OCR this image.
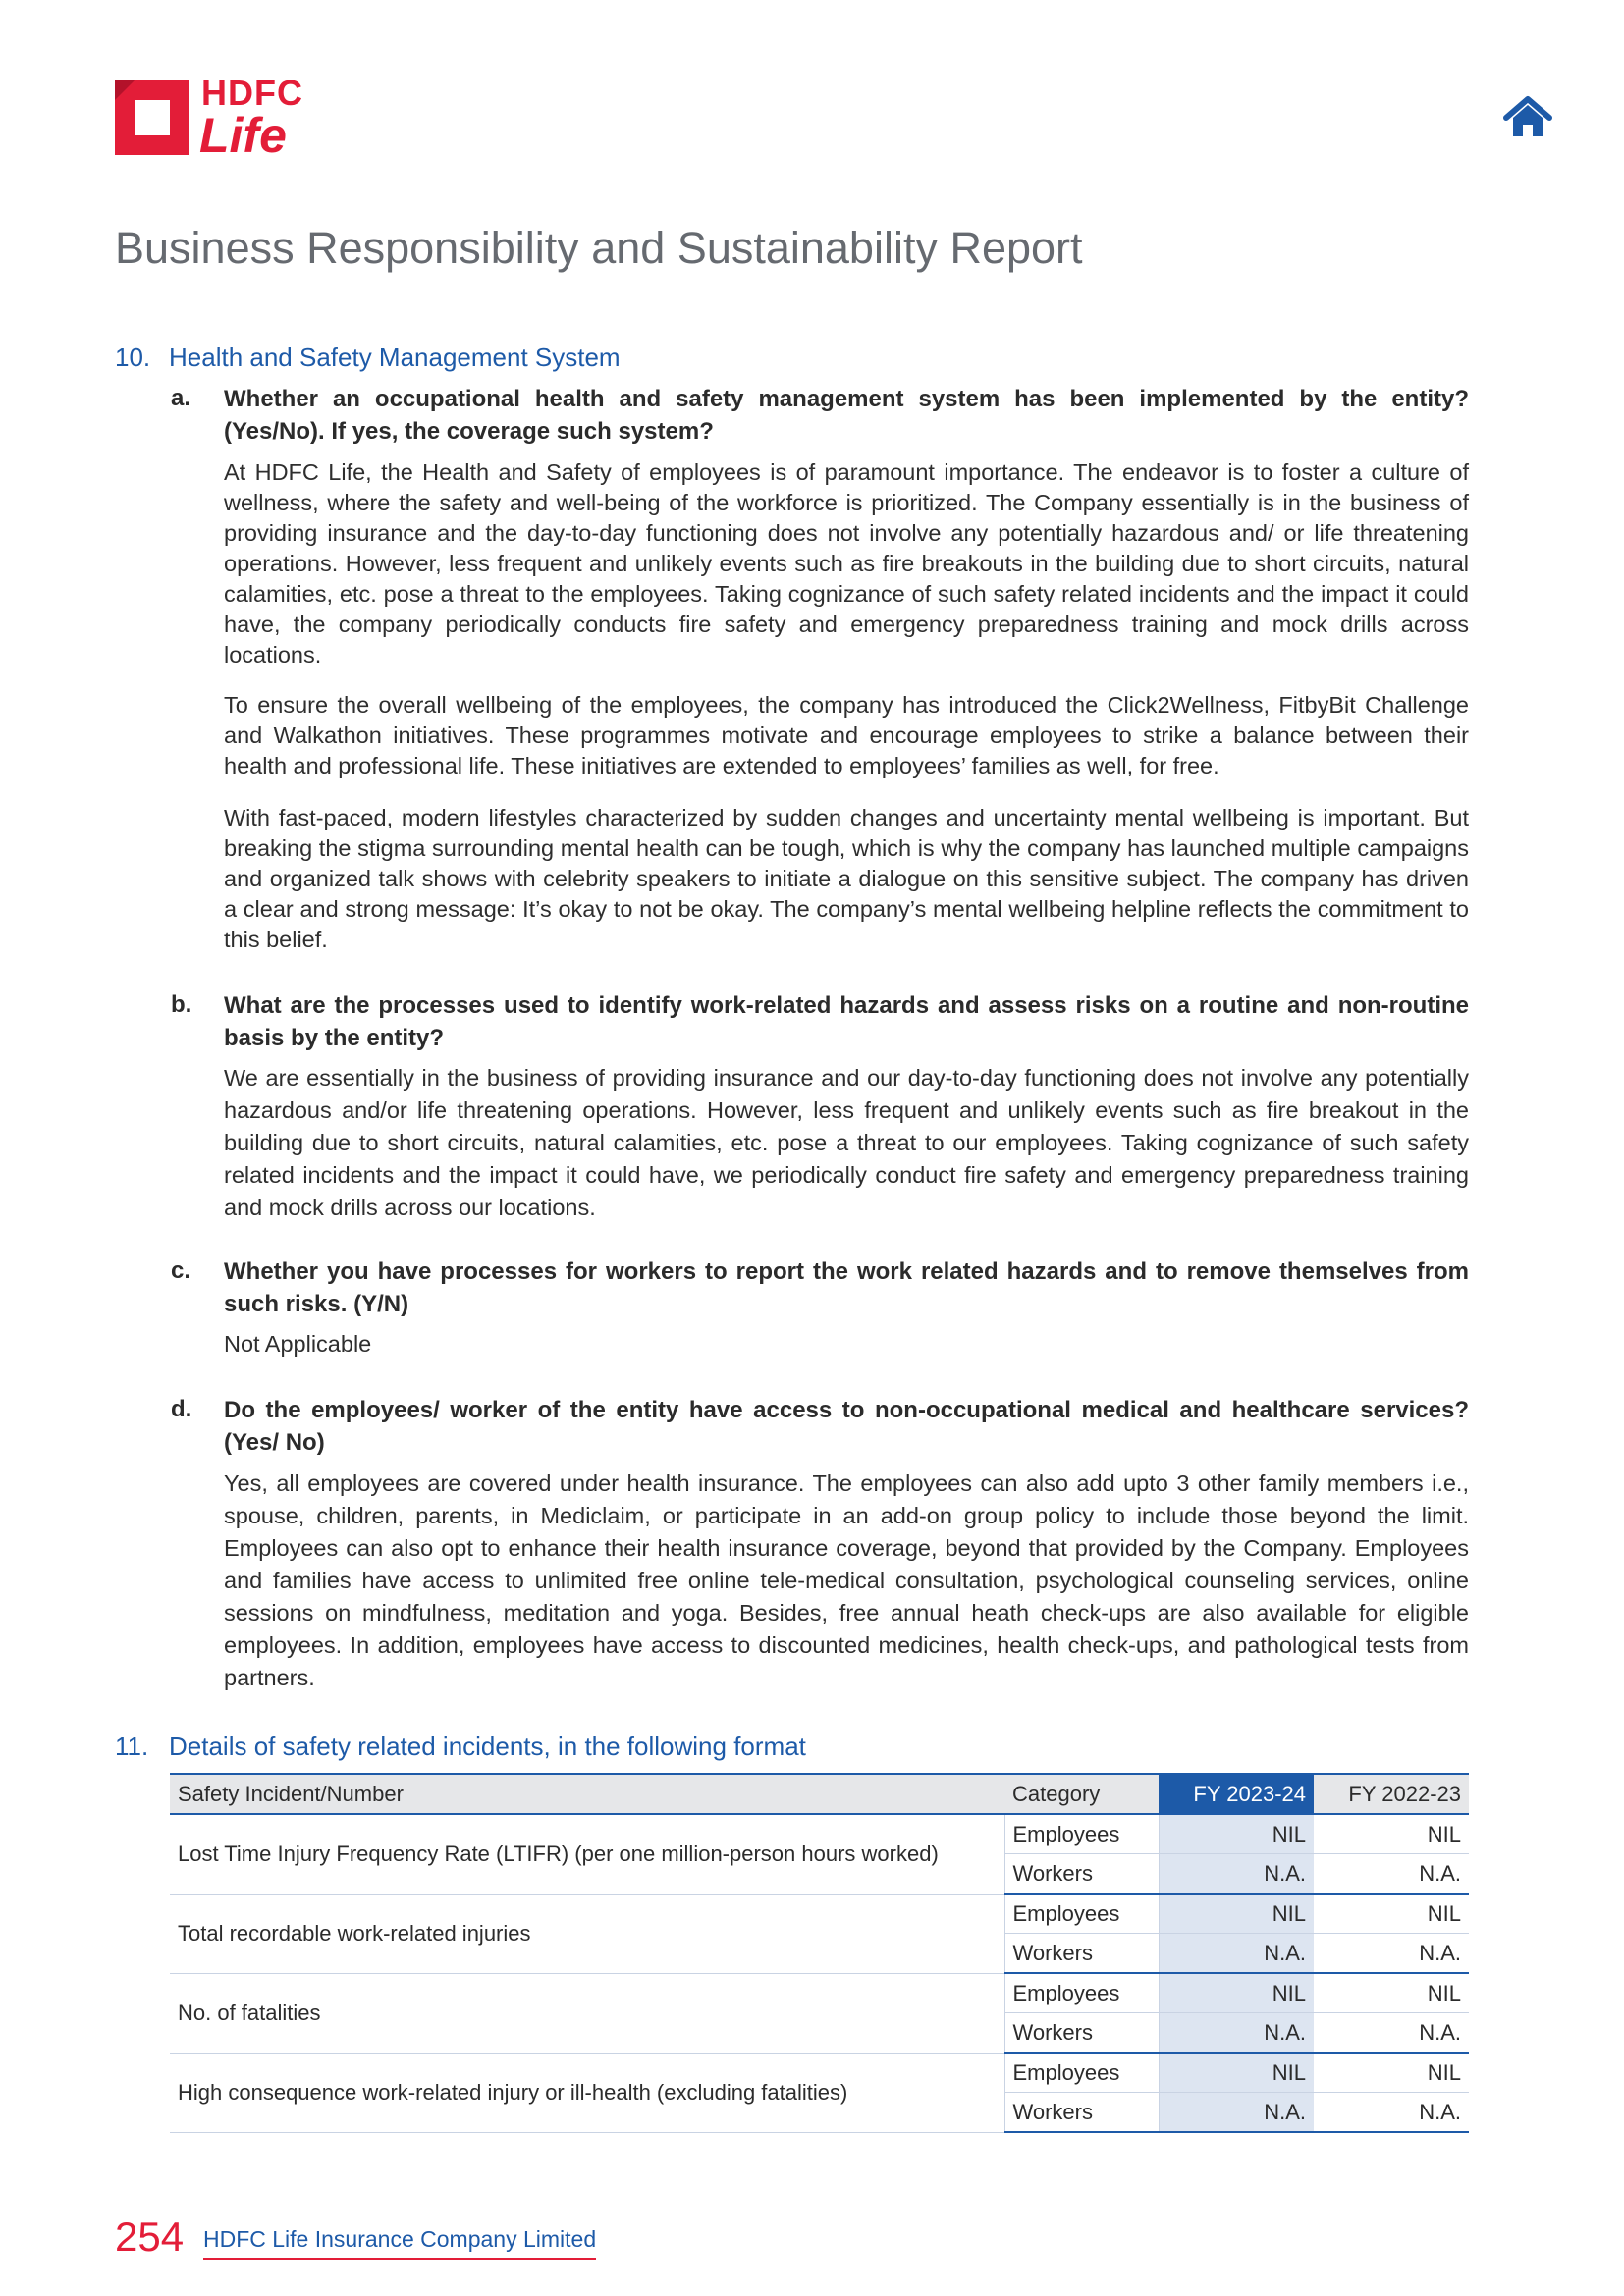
HDFC
Life
Business Responsibility and Sustainability Report
10. Health and Safety Management System
a. Whether an occupational health and safety management system has been implemented by the entity? (Yes/No). If yes, the coverage such system?

At HDFC Life, the Health and Safety of employees is of paramount importance. The endeavor is to foster a culture of wellness, where the safety and well-being of the workforce is prioritized. The Company essentially is in the business of providing insurance and the day-to-day functioning does not involve any potentially hazardous and/ or life threatening operations. However, less frequent and unlikely events such as fire breakouts in the building due to short circuits, natural calamities, etc. pose a threat to the employees. Taking cognizance of such safety related incidents and the impact it could have, the company periodically conducts fire safety and emergency preparedness training and mock drills across locations.

To ensure the overall wellbeing of the employees, the company has introduced the Click2Wellness, FitbyBit Challenge and Walkathon initiatives. These programmes motivate and encourage employees to strike a balance between their health and professional life. These initiatives are extended to employees’ families as well, for free.

With fast-paced, modern lifestyles characterized by sudden changes and uncertainty mental wellbeing is important. But breaking the stigma surrounding mental health can be tough, which is why the company has launched multiple campaigns and organized talk shows with celebrity speakers to initiate a dialogue on this sensitive subject. The company has driven a clear and strong message: It’s okay to not be okay. The company’s mental wellbeing helpline reflects the commitment to this belief.

b. What are the processes used to identify work-related hazards and assess risks on a routine and non-routine basis by the entity?

We are essentially in the business of providing insurance and our day-to-day functioning does not involve any potentially hazardous and/or life threatening operations. However, less frequent and unlikely events such as fire breakout in the building due to short circuits, natural calamities, etc. pose a threat to our employees. Taking cognizance of such safety related incidents and the impact it could have, we periodically conduct fire safety and emergency preparedness training and mock drills across our locations.

c. Whether you have processes for workers to report the work related hazards and to remove themselves from such risks. (Y/N)

Not Applicable

d. Do the employees/ worker of the entity have access to non-occupational medical and healthcare services? (Yes/ No)

Yes, all employees are covered under health insurance. The employees can also add upto 3 other family members i.e., spouse, children, parents, in Mediclaim, or participate in an add-on group policy to include those beyond the limit. Employees can also opt to enhance their health insurance coverage, beyond that provided by the Company. Employees and families have access to unlimited free online tele-medical consultation, psychological counseling services, online sessions on mindfulness, meditation and yoga. Besides, free annual heath check-ups are also available for eligible employees. In addition, employees have access to discounted medicines, health check-ups, and pathological tests from partners.

11. Details of safety related incidents, in the following format
Safety Incident/Number	Category	FY 2023-24	FY 2022-23
Lost Time Injury Frequency Rate (LTIFR) (per one million-person hours worked)	Employees	NIL	NIL
	Workers	N.A.	N.A.
Total recordable work-related injuries	Employees	NIL	NIL
	Workers	N.A.	N.A.
No. of fatalities	Employees	NIL	NIL
	Workers	N.A.	N.A.
High consequence work-related injury or ill-health (excluding fatalities)	Employees	NIL	NIL
	Workers	N.A.	N.A.
254 HDFC Life Insurance Company Limited
